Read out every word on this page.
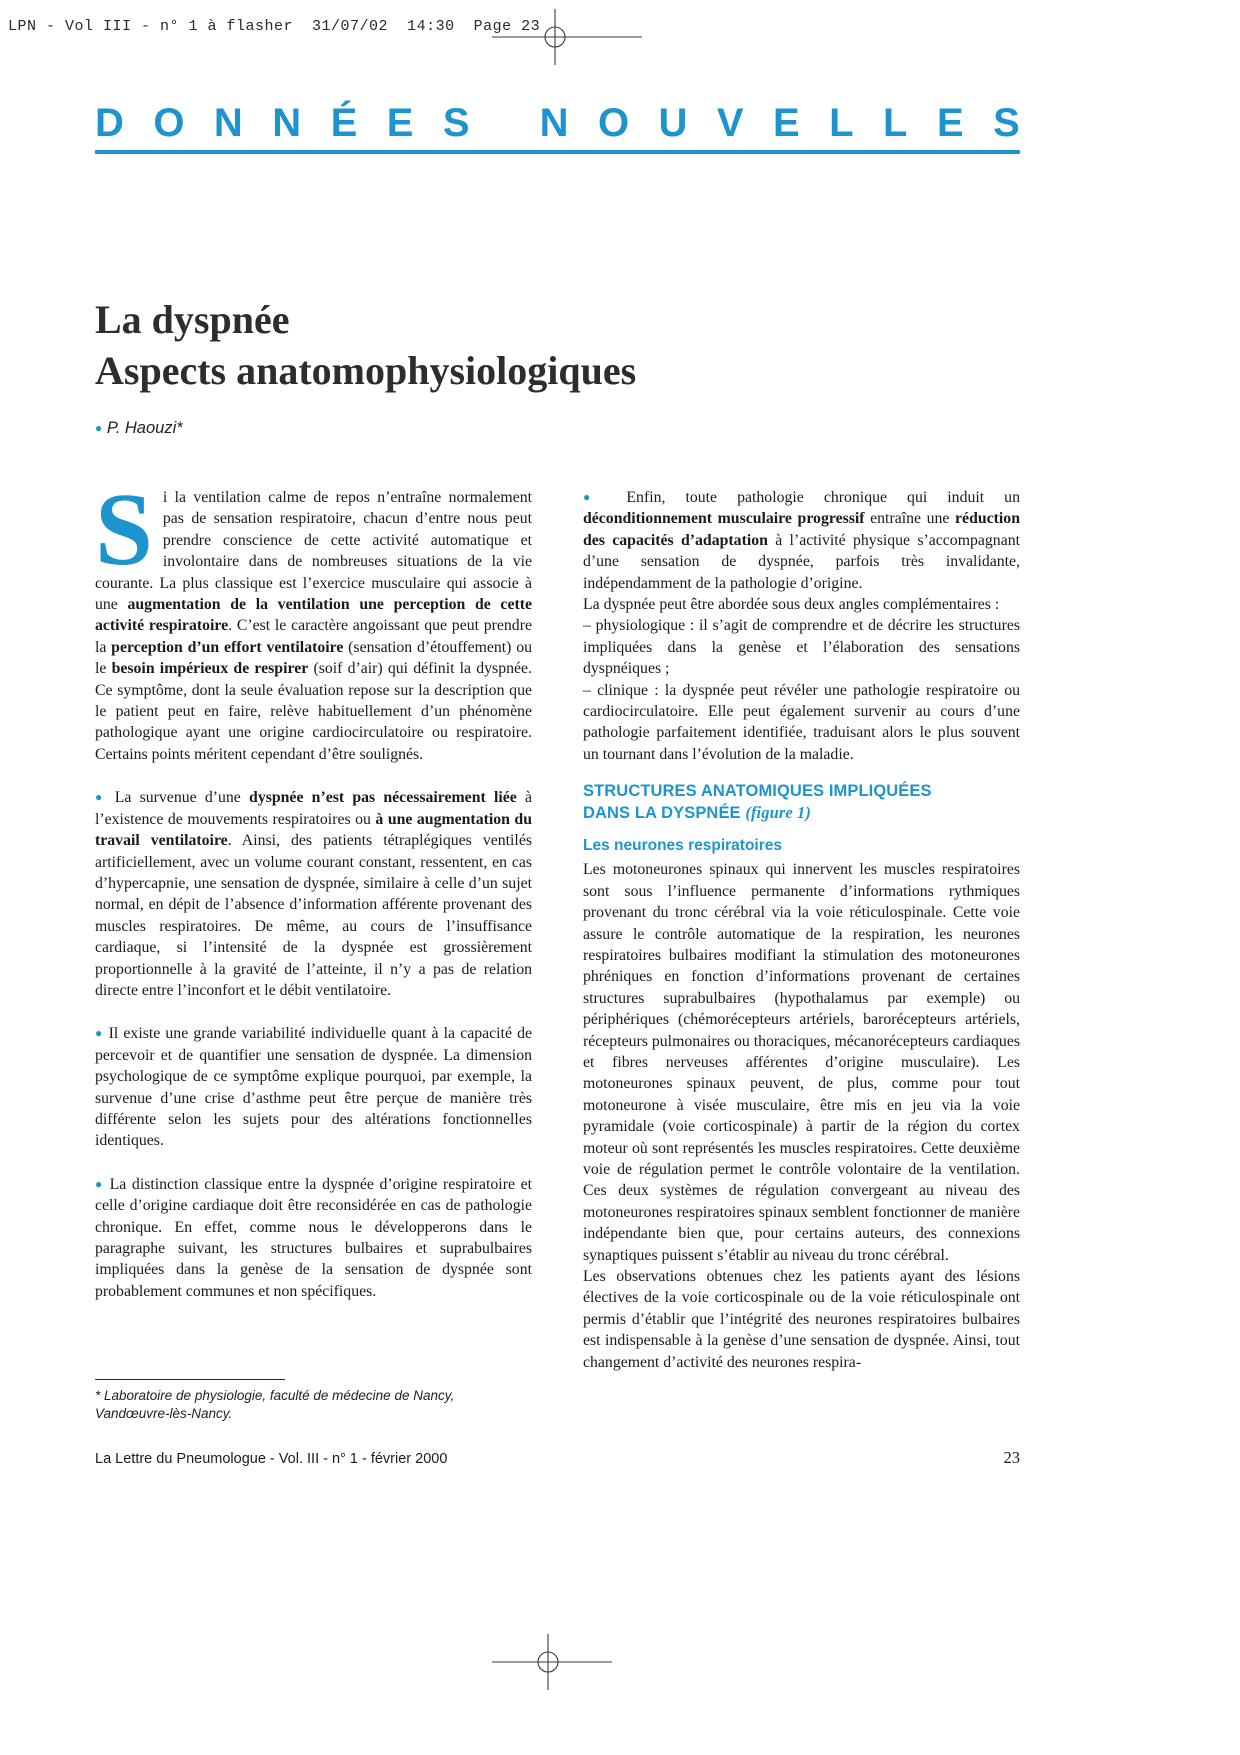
LPN - Vol III - n° 1 à flasher  31/07/02  14:30  Page 23
D O N N É E S
N O U V E L L E S
La dyspnée
Aspects anatomophysiologiques
● P. Haouzi*

Si la ventilation calme de repos n’entraîne normalement pas de sensation respiratoire, chacun d’entre nous peut prendre conscience de cette activité automatique et involontaire dans de nombreuses situations de la vie courante. La plus classique est l’exercice musculaire qui associe à une augmentation de la ventilation une perception de cette activité respiratoire. C’est le caractère angoissant que peut prendre la perception d’un effort ventilatoire (sensation d’étouffement) ou le besoin impérieux de respirer (soif d’air) qui définit la dyspnée. Ce symptôme, dont la seule évaluation repose sur la description que le patient peut en faire, relève habituellement d’un phénomène pathologique ayant une origine cardiocirculatoire ou respiratoire. Certains points méritent cependant d’être soulignés.

● La survenue d’une dyspnée n’est pas nécessairement liée à l’existence de mouvements respiratoires ou à une augmentation du travail ventilatoire. Ainsi, des patients tétraplégiques ventilés artificiellement, avec un volume courant constant, ressentent, en cas d’hypercapnie, une sensation de dyspnée, similaire à celle d’un sujet normal, en dépit de l’absence d’information afférente provenant des muscles respiratoires. De même, au cours de l’insuffisance cardiaque, si l’intensité de la dyspnée est grossièrement proportionnelle à la gravité de l’atteinte, il n’y a pas de relation directe entre l’inconfort et le débit ventilatoire.

● Il existe une grande variabilité individuelle quant à la capacité de percevoir et de quantifier une sensation de dyspnée. La dimension psychologique de ce symptôme explique pourquoi, par exemple, la survenue d’une crise d’asthme peut être perçue de manière très différente selon les sujets pour des altérations fonctionnelles identiques.

● La distinction classique entre la dyspnée d’origine respiratoire et celle d’origine cardiaque doit être reconsidérée en cas de pathologie chronique. En effet, comme nous le développerons dans le paragraphe suivant, les structures bulbaires et suprabulbaires impliquées dans la genèse de la sensation de dyspnée sont probablement communes et non spécifiques.

* Laboratoire de physiologie, faculté de médecine de Nancy, Vandœuvre-lès-Nancy.

● Enfin, toute pathologie chronique qui induit un déconditionnement musculaire progressif entraîne une réduction des capacités d’adaptation à l’activité physique s’accompagnant d’une sensation de dyspnée, parfois très invalidante, indépendamment de la pathologie d’origine.

La dyspnée peut être abordée sous deux angles complémentaires :

– physiologique : il s’agit de comprendre et de décrire les structures impliquées dans la genèse et l’élaboration des sensations dyspnéiques ;

– clinique : la dyspnée peut révéler une pathologie respiratoire ou cardiocirculatoire. Elle peut également survenir au cours d’une pathologie parfaitement identifiée, traduisant alors le plus souvent un tournant dans l’évolution de la maladie.

STRUCTURES ANATOMIQUES IMPLIQUÉES
DANS LA DYSPNÉE (figure 1)
Les neurones respiratoires

Les motoneurones spinaux qui innervent les muscles respiratoires sont sous l’influence permanente d’informations rythmiques provenant du tronc cérébral via la voie réticulospinale. Cette voie assure le contrôle automatique de la respiration, les neurones respiratoires bulbaires modifiant la stimulation des motoneurones phréniques en fonction d’informations provenant de certaines structures suprabulbaires (hypothalamus par exemple) ou périphériques (chémorécepteurs artériels, barorécepteurs artériels, récepteurs pulmonaires ou thoraciques, mécanorécepteurs cardiaques et fibres nerveuses afférentes d’origine musculaire). Les motoneurones spinaux peuvent, de plus, comme pour tout motoneurone à visée musculaire, être mis en jeu via la voie pyramidale (voie corticospinale) à partir de la région du cortex moteur où sont représentés les muscles respiratoires. Cette deuxième voie de régulation permet le contrôle volontaire de la ventilation. Ces deux systèmes de régulation convergeant au niveau des motoneurones respiratoires spinaux semblent fonctionner de manière indépendante bien que, pour certains auteurs, des connexions synaptiques puissent s’établir au niveau du tronc cérébral.

Les observations obtenues chez les patients ayant des lésions électives de la voie corticospinale ou de la voie réticulospinale ont permis d’établir que l’intégrité des neurones respiratoires bulbaires est indispensable à la genèse d’une sensation de dyspnée. Ainsi, tout changement d’activité des neurones respira-

La Lettre du Pneumologue - Vol. III - n° 1 - février 2000	23
